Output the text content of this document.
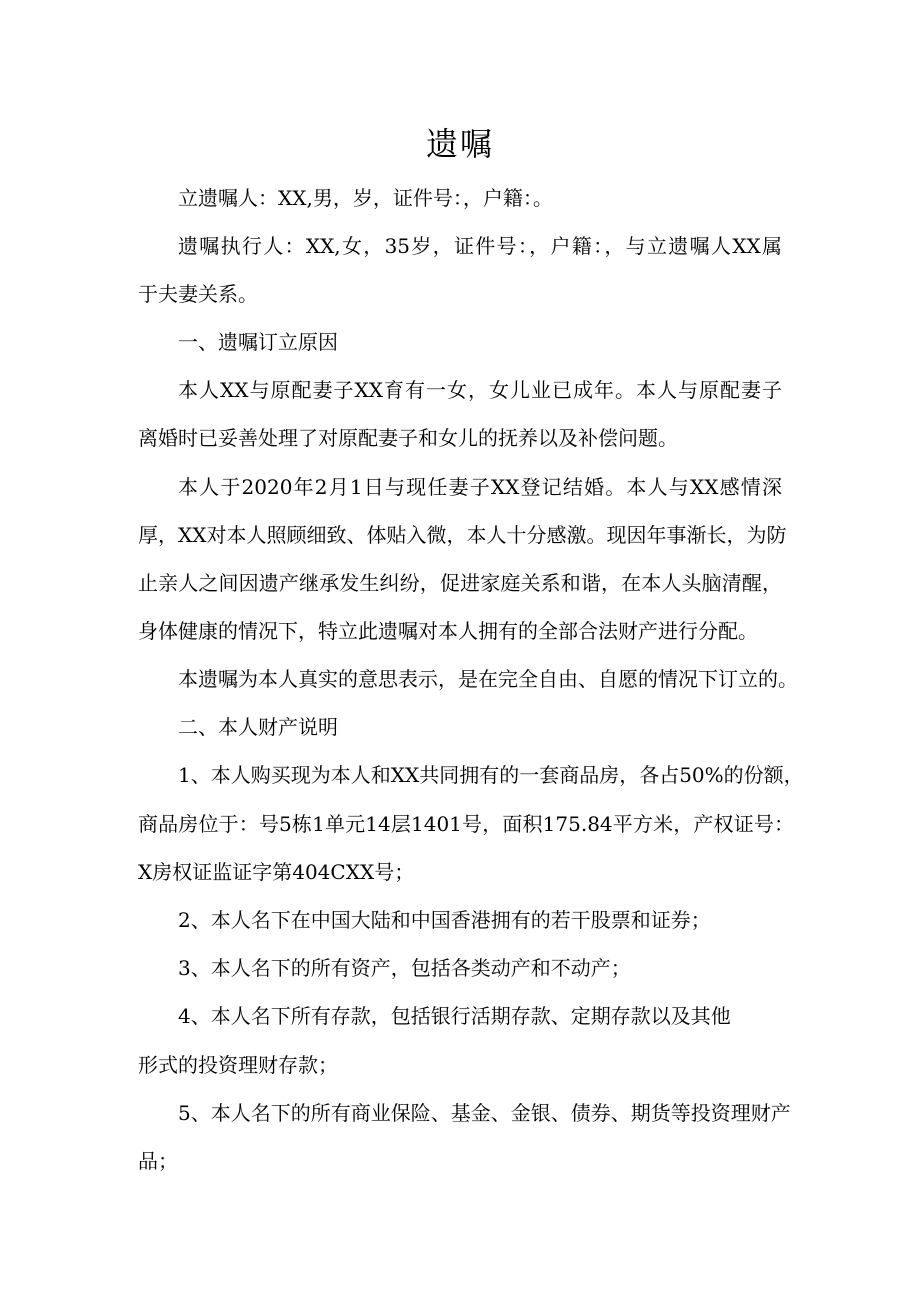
遗嘱

立遗嘱人：XX,男，岁，证件号：，户籍：。

遗嘱执行人：XX,女，35岁，证件号：，户籍：，与立遗嘱人XX属

于夫妻关系。

一、遗嘱订立原因

本人XX与原配妻子XX育有一女，女儿业已成年。本人与原配妻子

离婚时已妥善处理了对原配妻子和女儿的抚养以及补偿问题。

本人于2020年2月1日与现任妻子XX登记结婚。本人与XX感情深

厚，XX对本人照顾细致、体贴入微，本人十分感激。现因年事渐长，为防

止亲人之间因遗产继承发生纠纷，促进家庭关系和谐，在本人头脑清醒，

身体健康的情况下，特立此遗嘱对本人拥有的全部合法财产进行分配。

本遗嘱为本人真实的意思表示，是在完全自由、自愿的情况下订立的。

二、本人财产说明

1、本人购买现为本人和XX共同拥有的一套商品房，各占50%的份额，

商品房位于：号5栋1单元14层1401号，面积175.84平方米，产权证号：

X房权证监证字第404CXX号；

2、本人名下在中国大陆和中国香港拥有的若干股票和证券；

3、本人名下的所有资产，包括各类动产和不动产；

4、本人名下所有存款，包括银行活期存款、定期存款以及其他

形式的投资理财存款；

5、本人名下的所有商业保险、基金、金银、债券、期货等投资理财产

品；
